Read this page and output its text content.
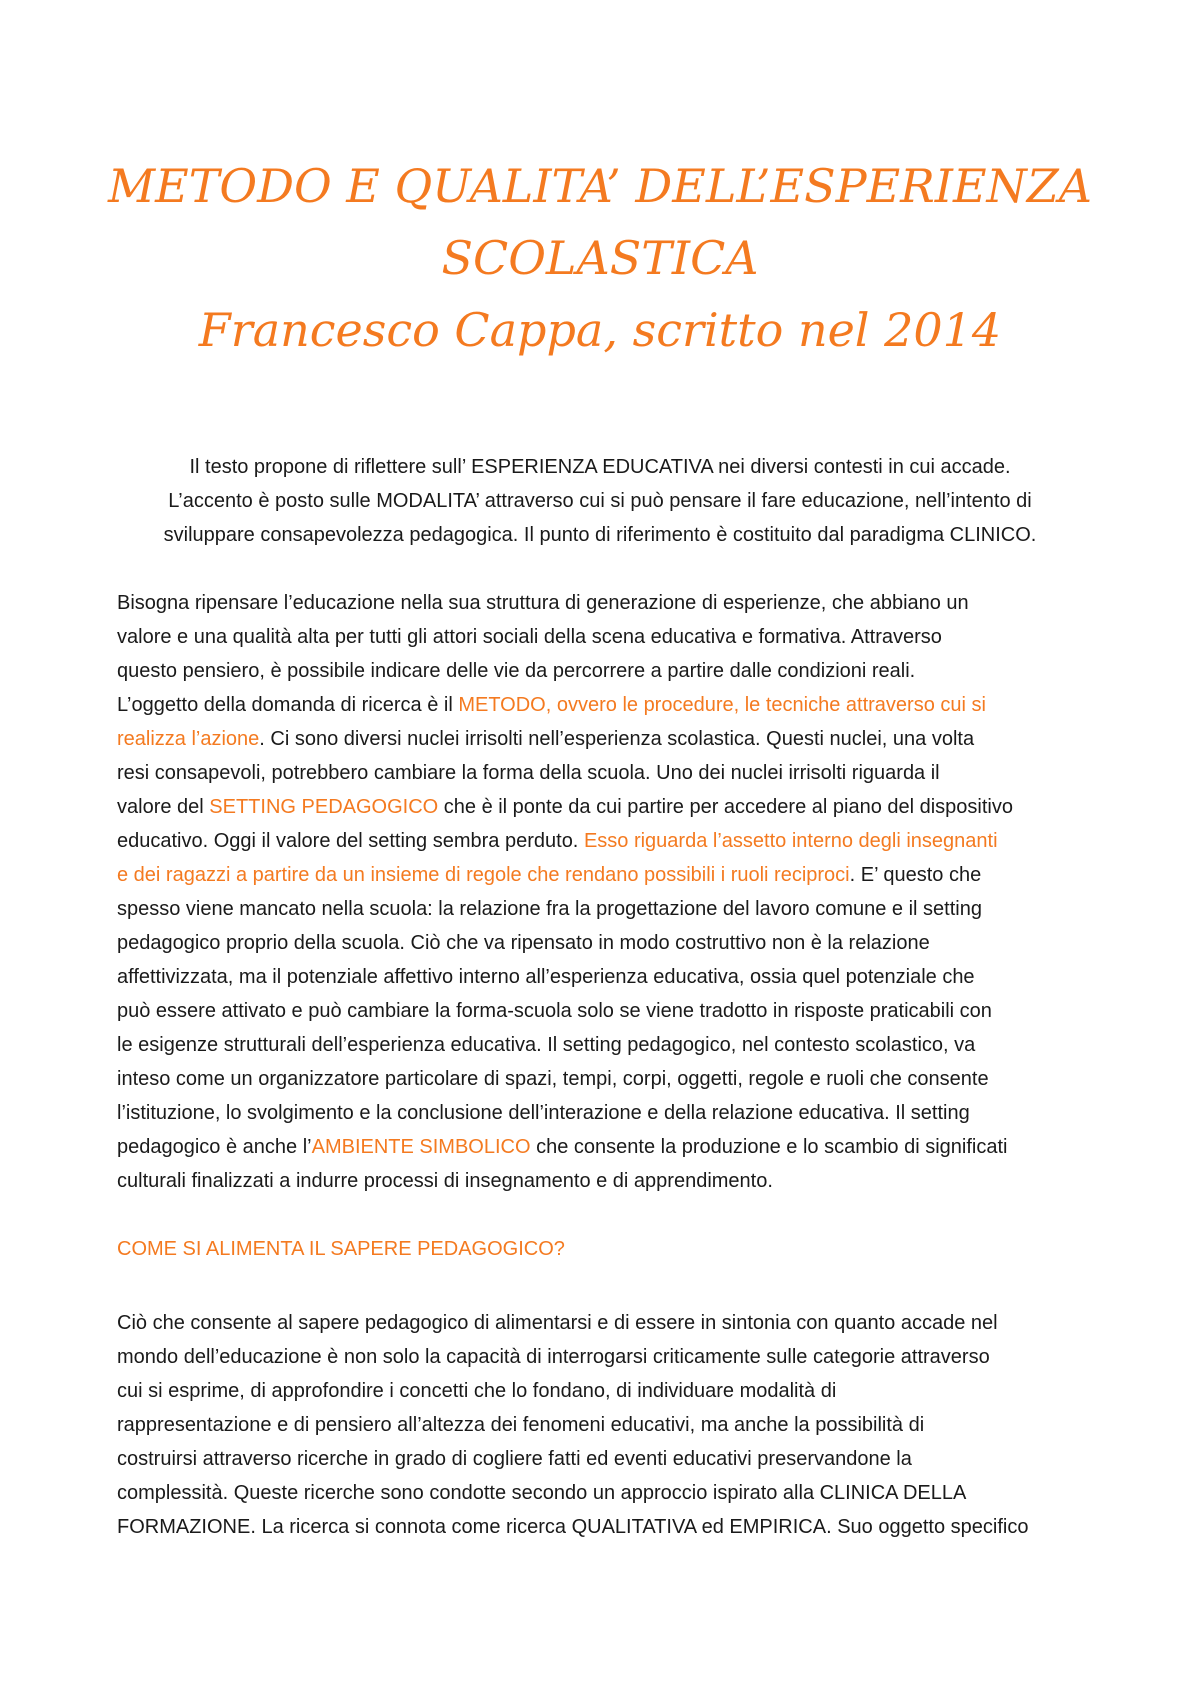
METODO E QUALITA’ DELL’ESPERIENZA
SCOLASTICA
Francesco Cappa, scritto nel 2014

Il testo propone di riflettere sull’ ESPERIENZA EDUCATIVA nei diversi contesti in cui accade.
L’accento è posto sulle MODALITA’ attraverso cui si può pensare il fare educazione, nell’intento di
sviluppare consapevolezza pedagogica. Il punto di riferimento è costituito dal paradigma CLINICO.

Bisogna ripensare l’educazione nella sua struttura di generazione di esperienze, che abbiano un
valore e una qualità alta per tutti gli attori sociali della scena educativa e formativa. Attraverso
questo pensiero, è possibile indicare delle vie da percorrere a partire dalle condizioni reali.
L’oggetto della domanda di ricerca è il METODO, ovvero le procedure, le tecniche attraverso cui si
realizza l’azione. Ci sono diversi nuclei irrisolti nell’esperienza scolastica. Questi nuclei, una volta
resi consapevoli, potrebbero cambiare la forma della scuola. Uno dei nuclei irrisolti riguarda il
valore del SETTING PEDAGOGICO che è il ponte da cui partire per accedere al piano del dispositivo
educativo. Oggi il valore del setting sembra perduto. Esso riguarda l’assetto interno degli insegnanti
e dei ragazzi a partire da un insieme di regole che rendano possibili i ruoli reciproci. E’ questo che
spesso viene mancato nella scuola: la relazione fra la progettazione del lavoro comune e il setting
pedagogico proprio della scuola. Ciò che va ripensato in modo costruttivo non è la relazione
affettivizzata, ma il potenziale affettivo interno all’esperienza educativa, ossia quel potenziale che
può essere attivato e può cambiare la forma-scuola solo se viene tradotto in risposte praticabili con
le esigenze strutturali dell’esperienza educativa. Il setting pedagogico, nel contesto scolastico, va
inteso come un organizzatore particolare di spazi, tempi, corpi, oggetti, regole e ruoli che consente
l’istituzione, lo svolgimento e la conclusione dell’interazione e della relazione educativa. Il setting
pedagogico è anche l’AMBIENTE SIMBOLICO che consente la produzione e lo scambio di significati
culturali finalizzati a indurre processi di insegnamento e di apprendimento.

COME SI ALIMENTA IL SAPERE PEDAGOGICO?

Ciò che consente al sapere pedagogico di alimentarsi e di essere in sintonia con quanto accade nel
mondo dell’educazione è non solo la capacità di interrogarsi criticamente sulle categorie attraverso
cui si esprime, di approfondire i concetti che lo fondano, di individuare modalità di
rappresentazione e di pensiero all’altezza dei fenomeni educativi, ma anche la possibilità di
costruirsi attraverso ricerche in grado di cogliere fatti ed eventi educativi preservandone la
complessità. Queste ricerche sono condotte secondo un approccio ispirato alla CLINICA DELLA
FORMAZIONE. La ricerca si connota come ricerca QUALITATIVA ed EMPIRICA. Suo oggetto specifico
